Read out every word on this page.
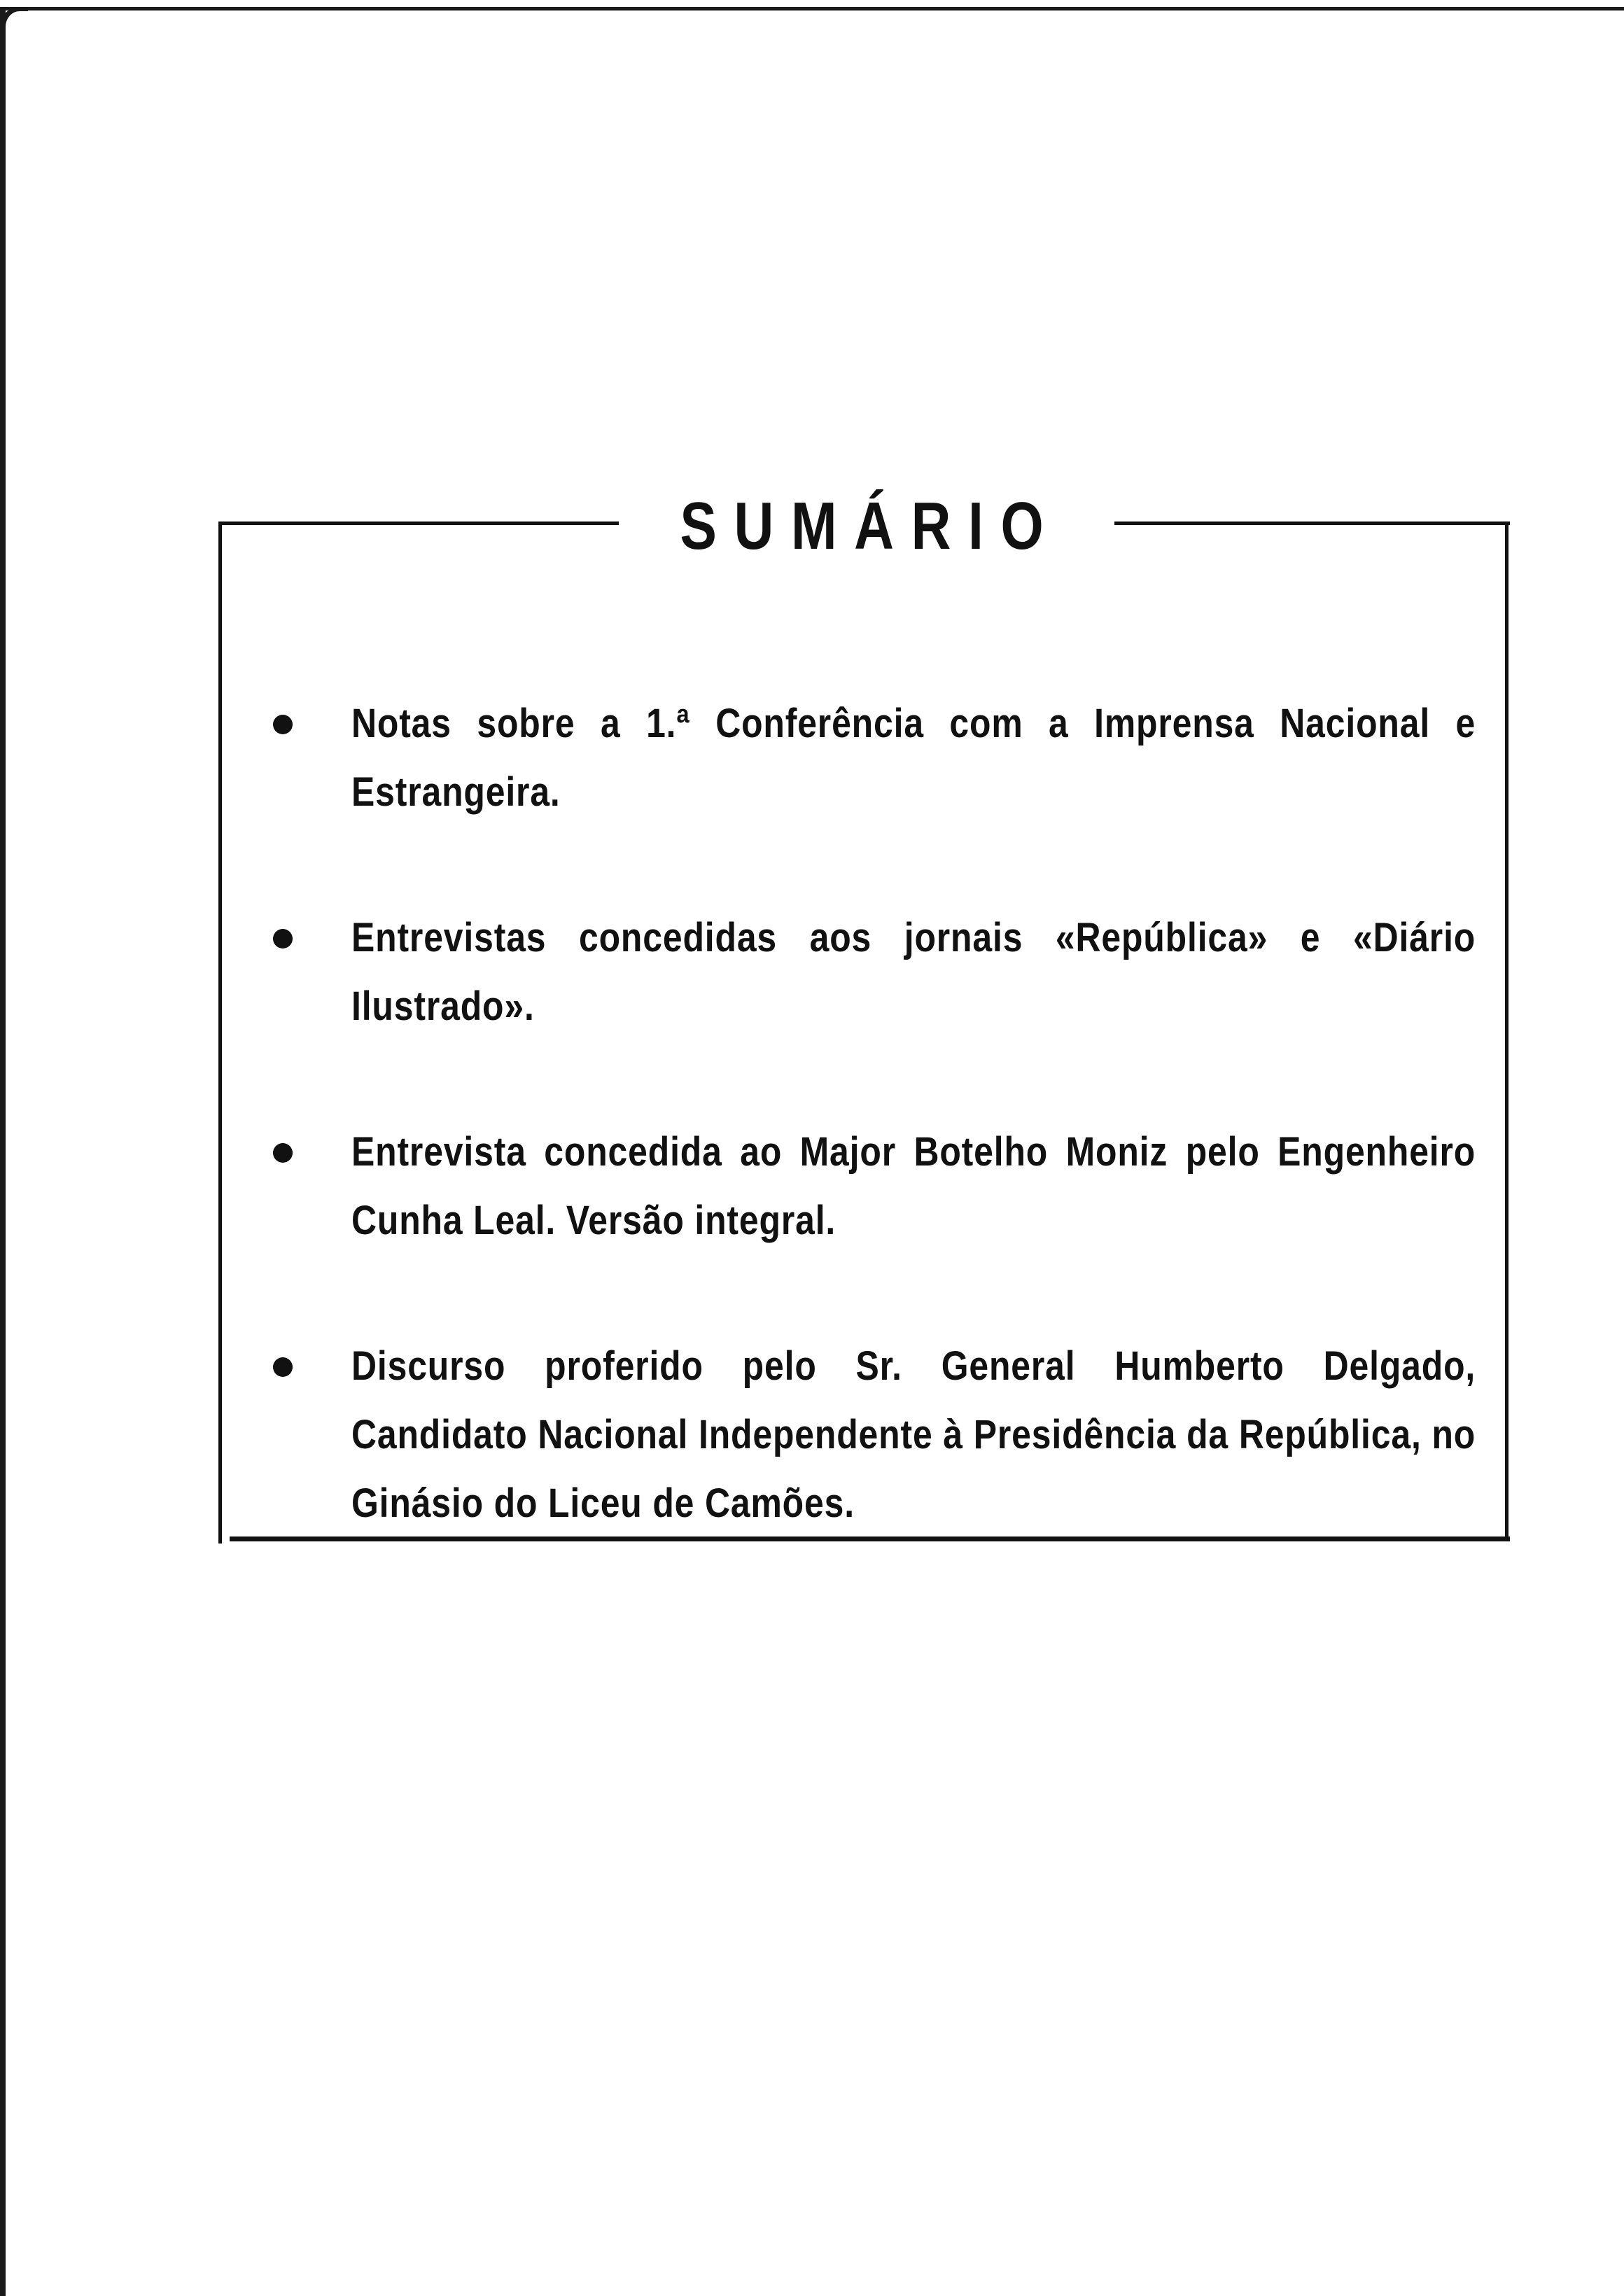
SUMÁRIO
Notas sobre a 1.ª Conferência com a Imprensa Nacional e Estrangeira.
Entrevistas concedidas aos jornais «República» e «Diário Ilustrado».
Entrevista concedida ao Major Botelho Moniz pelo Engenheiro Cunha Leal. Versão integral.
Discurso proferido pelo Sr. General Humberto Delgado, Candidato Nacional Independente à Presidência da República, no Ginásio do Liceu de Camões.
